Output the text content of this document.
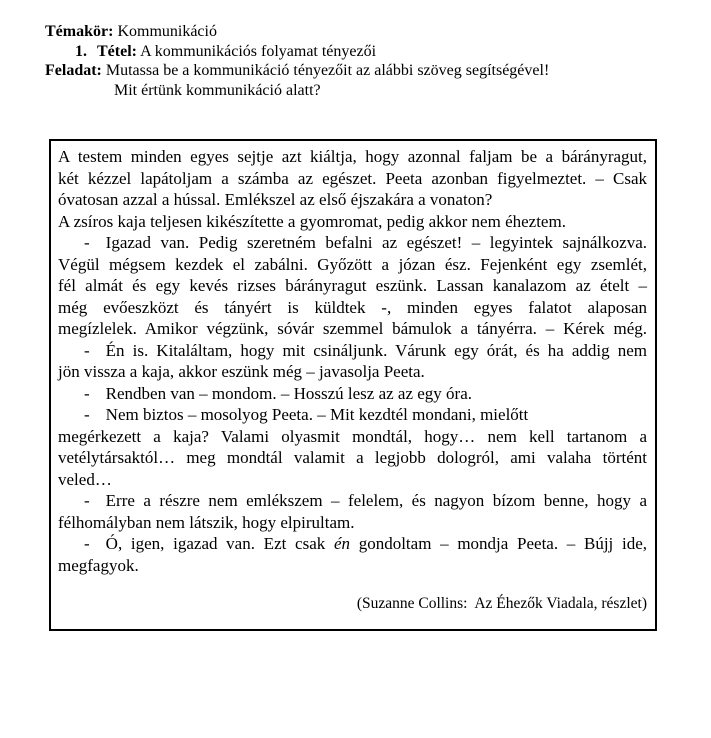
Témakör: Kommunikáció
1. Tétel: A kommunikációs folyamat tényezői
Feladat: Mutassa be a kommunikáció tényezőit az alábbi szöveg segítségével!
Mit értünk kommunikáció alatt?
A testem minden egyes sejtje azt kiáltja, hogy azonnal faljam be a bárányragut,
két kézzel lapátoljam a számba az egészet. Peeta azonban figyelmeztet. – Csak
óvatosan azzal a hússal. Emlékszel az első éjszakára a vonaton?
A zsíros kaja teljesen kikészítette a gyomromat, pedig akkor nem éheztem.
- Igazad van. Pedig szeretném befalni az egészet! – legyintek sajnálkozva.
Végül mégsem kezdek el zabálni. Győzött a józan ész. Fejenként egy zsemlét,
fél almát és egy kevés rizses bárányragut eszünk. Lassan kanalazom az ételt –
még evőeszközt és tányért is küldtek -, minden egyes falatot alaposan
megízlelek. Amikor végzünk, sóvár szemmel bámulok a tányérra. – Kérek még.
- Én is. Kitaláltam, hogy mit csináljunk. Várunk egy órát, és ha addig nem
jön vissza a kaja, akkor eszünk még – javasolja Peeta.
- Rendben van – mondom. – Hosszú lesz az az egy óra.
- Nem biztos – mosolyog Peeta. – Mit kezdtél mondani, mielőtt
megérkezett a kaja? Valami olyasmit mondtál, hogy… nem kell tartanom a
vetélytársaktól… meg mondtál valamit a legjobb dologról, ami valaha történt
veled…
- Erre a részre nem emlékszem – felelem, és nagyon bízom benne, hogy a
félhomályban nem látszik, hogy elpirultam.
- Ó, igen, igazad van. Ezt csak én gondoltam – mondja Peeta. – Bújj ide,
megfagyok.
(Suzanne Collins:  Az Éhezők Viadala, részlet)
